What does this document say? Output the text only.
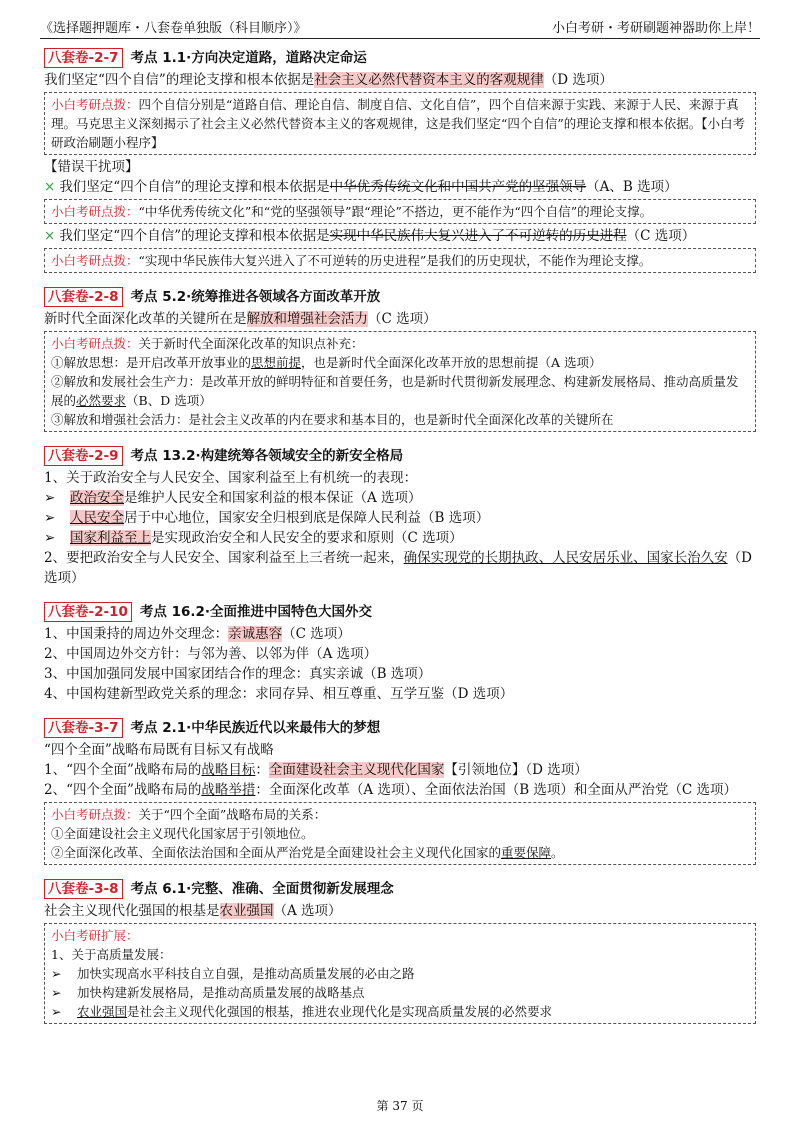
《选择题押题库・八套卷单独版（科目顺序）》	小白考研・考研刷题神器助你上岸！
八套卷-2-7 考点 1.1·方向决定道路，道路决定命运

我们坚定“四个自信”的理论支撑和根本依据是社会主义必然代替资本主义的客观规律（D 选项）

小白考研点拨：四个自信分别是“道路自信、理论自信、制度自信、文化自信”，四个自信来源于实践、来源于人民、来源于真理。马克思主义深刻揭示了社会主义必然代替资本主义的客观规律，这是我们坚定“四个自信”的理论支撑和根本依据。【小白考研政治刷题小程序】

【错误干扰项】

× 我们坚定“四个自信”的理论支撑和根本依据是中华优秀传统文化和中国共产党的坚强领导（A、B 选项）

小白考研点拨：“中华优秀传统文化”和“党的坚强领导”跟“理论”不搭边，更不能作为“四个自信”的理论支撑。

× 我们坚定“四个自信”的理论支撑和根本依据是实现中华民族伟大复兴进入了不可逆转的历史进程（C 选项）

小白考研点拨：“实现中华民族伟大复兴进入了不可逆转的历史进程”是我们的历史现状，不能作为理论支撑。
八套卷-2-8 考点 5.2·统筹推进各领域各方面改革开放

新时代全面深化改革的关键所在是解放和增强社会活力（C 选项）

小白考研点拨：关于新时代全面深化改革的知识点补充：
①解放思想：是开启改革开放事业的思想前提，也是新时代全面深化改革开放的思想前提（A 选项）
②解放和发展社会生产力：是改革开放的鲜明特征和首要任务，也是新时代贯彻新发展理念、构建新发展格局、推动高质量发展的必然要求（B、D 选项）
③解放和增强社会活力：是社会主义改革的内在要求和基本目的，也是新时代全面深化改革的关键所在
八套卷-2-9 考点 13.2·构建统筹各领域安全的新安全格局

1、关于政治安全与人民安全、国家利益至上有机统一的表现：

➢ 政治安全是维护人民安全和国家利益的根本保证（A 选项）

➢ 人民安全居于中心地位，国家安全归根到底是保障人民利益（B 选项）

➢ 国家利益至上是实现政治安全和人民安全的要求和原则（C 选项）

2、要把政治安全与人民安全、国家利益至上三者统一起来，确保实现党的长期执政、人民安居乐业、国家长治久安（D 选项）

八套卷-2-10 考点 16.2·全面推进中国特色大国外交

1、中国秉持的周边外交理念：亲诚惠容（C 选项）

2、中国周边外交方针：与邻为善、以邻为伴（A 选项）

3、中国加强同发展中国家团结合作的理念：真实亲诚（B 选项）

4、中国构建新型政党关系的理念：求同存异、相互尊重、互学互鉴（D 选项）

八套卷-3-7 考点 2.1·中华民族近代以来最伟大的梦想

“四个全面”战略布局既有目标又有战略

1、“四个全面”战略布局的战略目标：全面建设社会主义现代化国家【引领地位】（D 选项）

2、“四个全面”战略布局的战略举措：全面深化改革（A 选项）、全面依法治国（B 选项）和全面从严治党（C 选项）

小白考研点拨：关于“四个全面”战略布局的关系：
①全面建设社会主义现代化国家居于引领地位。
②全面深化改革、全面依法治国和全面从严治党是全面建设社会主义现代化国家的重要保障。
八套卷-3-8 考点 6.1·完整、准确、全面贯彻新发展理念

社会主义现代化强国的根基是农业强国（A 选项）

小白考研扩展：
1、关于高质量发展：
➢ 加快实现高水平科技自立自强，是推动高质量发展的必由之路
➢ 加快构建新发展格局，是推动高质量发展的战略基点
➢ 农业强国是社会主义现代化强国的根基，推进农业现代化是实现高质量发展的必然要求
第 37 页
